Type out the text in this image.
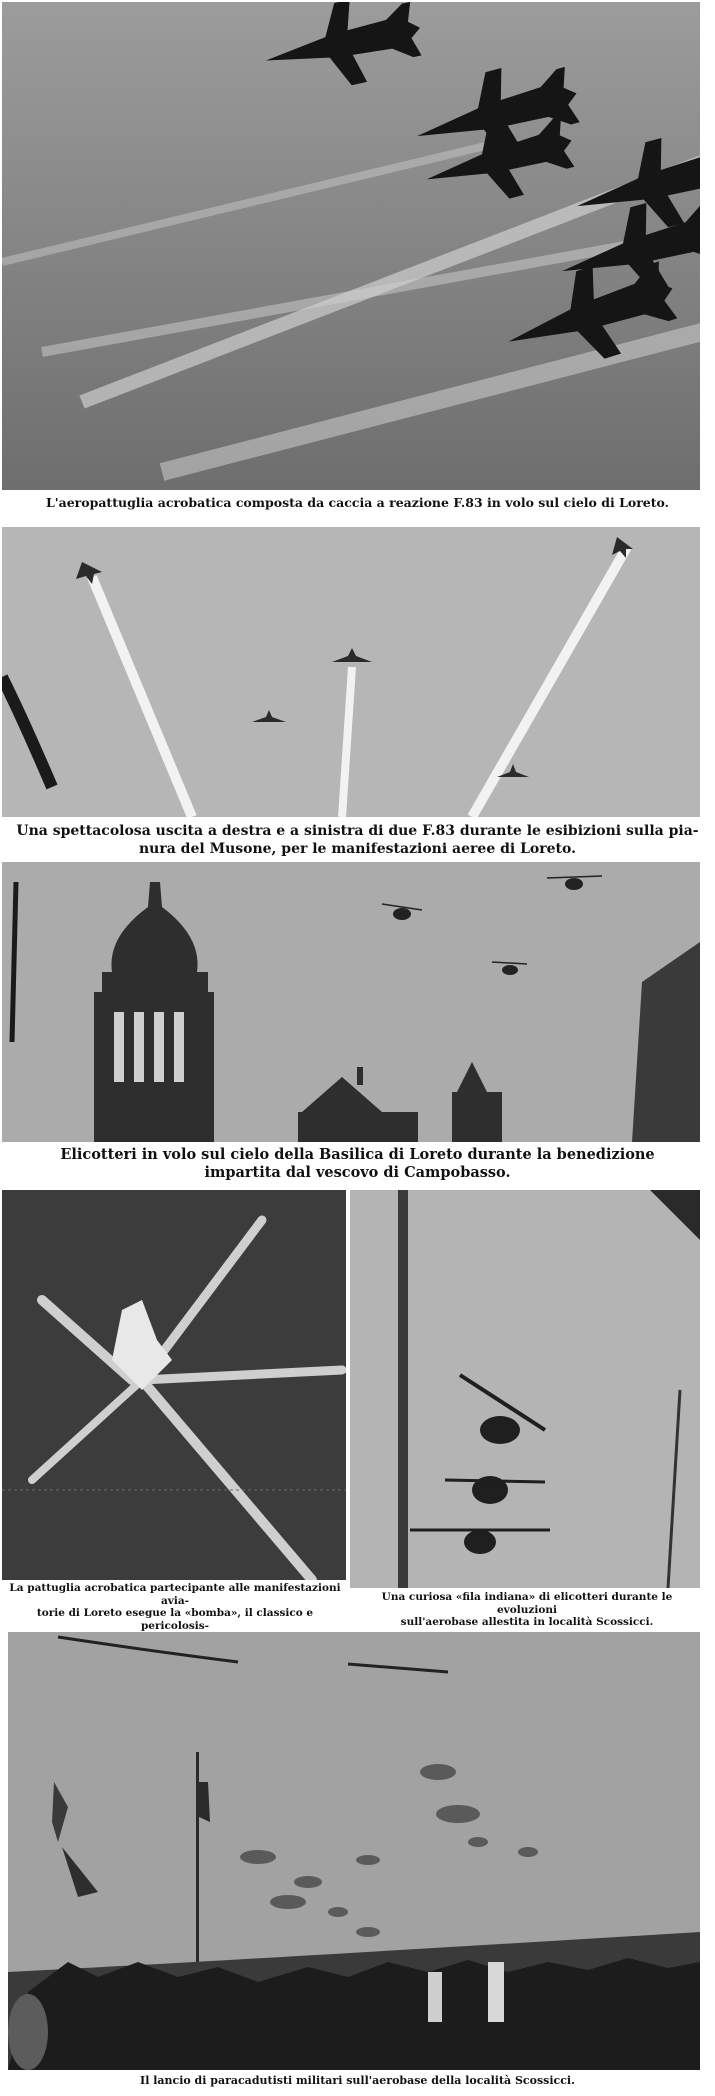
L'aeropattuglia acrobatica composta da caccia a reazione F.83 in volo sul cielo di Loreto.
Una spettacolosa uscita a destra e a sinistra di due F.83 durante le esibizioni sulla pia-
nura del Musone, per le manifestazioni aeree di Loreto.
Elicotteri in volo sul cielo della Basilica di Loreto durante la benedizione
impartita dal vescovo di Campobasso.
La pattuglia acrobatica partecipante alle manifestazioni avia-
torie di Loreto esegue la «bomba», il classico e pericolosis-
Una curiosa «fila indiana» di elicotteri durante le evoluzioni
sull'aerobase allestita in località Scossicci.
Il lancio di paracadutisti militari sull'aerobase della località Scossicci.
